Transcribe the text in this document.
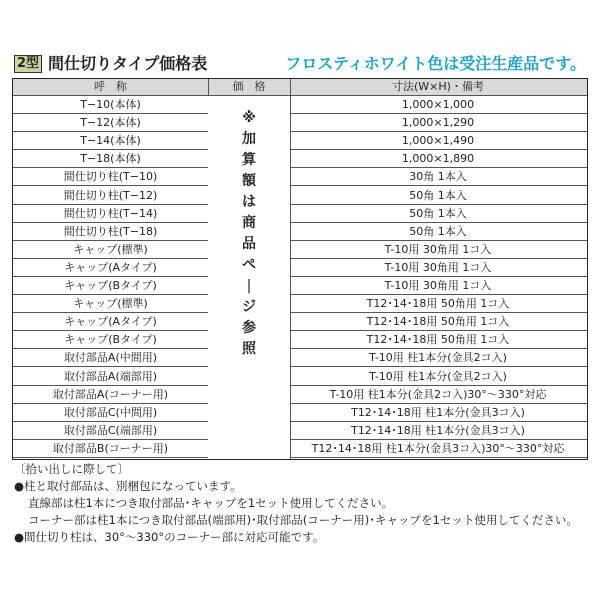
2型 間仕切りタイプ価格表	フロスティホワイト色は受注生産品です。
呼　称	価　格	寸法(W×H)・備考
T−10(本体)	1,000×1,000
T−12(本体)	1,000×1,290
T−14(本体)	1,000×1,490
T−18(本体)	1,000×1,890
間仕切り柱(T−10)	30角 1本入
間仕切り柱(T−12)	50角 1本入
間仕切り柱(T−14)	50角 1本入
間仕切り柱(T−18)	50角 1本入
キャップ(標準)	T-10用 30角用 1コ入
キャップ(Aタイプ)	T-10用 30角用 1コ入
キャップ(Bタイプ)	T-10用 30角用 1コ入
キャップ(標準)	T12･14･18用 50角用 1コ入
キャップ(Aタイプ)	T12･14･18用 50角用 1コ入
キャップ(Bタイプ)	T12･14･18用 50角用 1コ入
取付部品A(中間用)	T-10用 柱1本分(金具2コ入)
取付部品A(端部用)	T-10用 柱1本分(金具2コ入)
取付部品A(コーナー用)	T-10用 柱1本分(金具2コ入)30°〜330°対応
取付部品C(中間用)	T12･14･18用 柱1本分(金具3コ入)
取付部品C(端部用)	T12･14･18用 柱1本分(金具3コ入)
取付部品B(コーナー用)	T12･14･18用 柱1本分(金具3コ入)30°〜330°対応
※
加
算
額
は
商
品
ペ
|
ジ
参
照
〔拾い出しに際して〕
●柱と取付部品は、別梱包になっています。
直線部は柱1本につき取付部品･キャップを1セット使用してください。
コーナー部は柱1本につき取付部品(端部用)･取付部品(コーナー用)･キャップを1セット使用してください。
●間仕切り柱は、30°〜330°のコーナー部に対応可能です。
